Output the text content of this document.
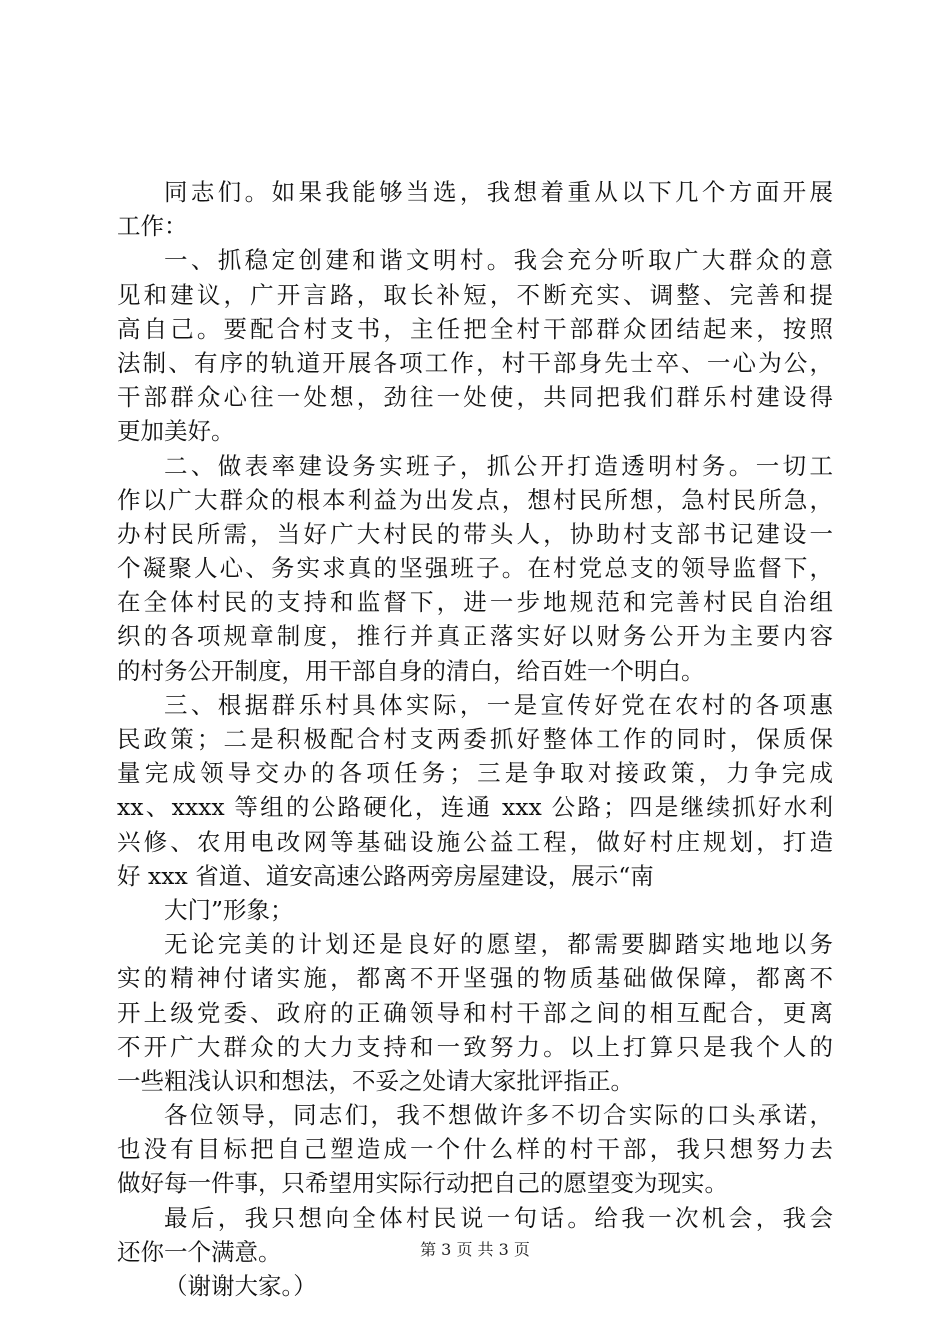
同志们。如果我能够当选，我想着重从以下几个方面开展
工作：
一、抓稳定创建和谐文明村。我会充分听取广大群众的意
见和建议，广开言路，取长补短，不断充实、调整、完善和提
高自己。要配合村支书，主任把全村干部群众团结起来，按照
法制、有序的轨道开展各项工作，村干部身先士卒、一心为公，
干部群众心往一处想，劲往一处使，共同把我们群乐村建设得
更加美好。
二、做表率建设务实班子，抓公开打造透明村务。一切工
作以广大群众的根本利益为出发点，想村民所想，急村民所急，
办村民所需，当好广大村民的带头人，协助村支部书记建设一
个凝聚人心、务实求真的坚强班子。在村党总支的领导监督下，
在全体村民的支持和监督下，进一步地规范和完善村民自治组
织的各项规章制度，推行并真正落实好以财务公开为主要内容
的村务公开制度，用干部自身的清白，给百姓一个明白。
三、根据群乐村具体实际，一是宣传好党在农村的各项惠
民政策；二是积极配合村支两委抓好整体工作的同时，保质保
量完成领导交办的各项任务；三是争取对接政策，力争完成
xx、xxxx 等组的公路硬化，连通 xxx 公路；四是继续抓好水利
兴修、农用电改网等基础设施公益工程，做好村庄规划，打造
好 xxx 省道、道安高速公路两旁房屋建设，展示“南
大门”形象；
无论完美的计划还是良好的愿望，都需要脚踏实地地以务
实的精神付诸实施，都离不开坚强的物质基础做保障，都离不
开上级党委、政府的正确领导和村干部之间的相互配合，更离
不开广大群众的大力支持和一致努力。以上打算只是我个人的
一些粗浅认识和想法，不妥之处请大家批评指正。
各位领导，同志们，我不想做许多不切合实际的口头承诺，
也没有目标把自己塑造成一个什么样的村干部，我只想努力去
做好每一件事，只希望用实际行动把自己的愿望变为现实。
最后，我只想向全体村民说一句话。给我一次机会，我会
还你一个满意。
（谢谢大家。）
第 3 页 共 3 页
